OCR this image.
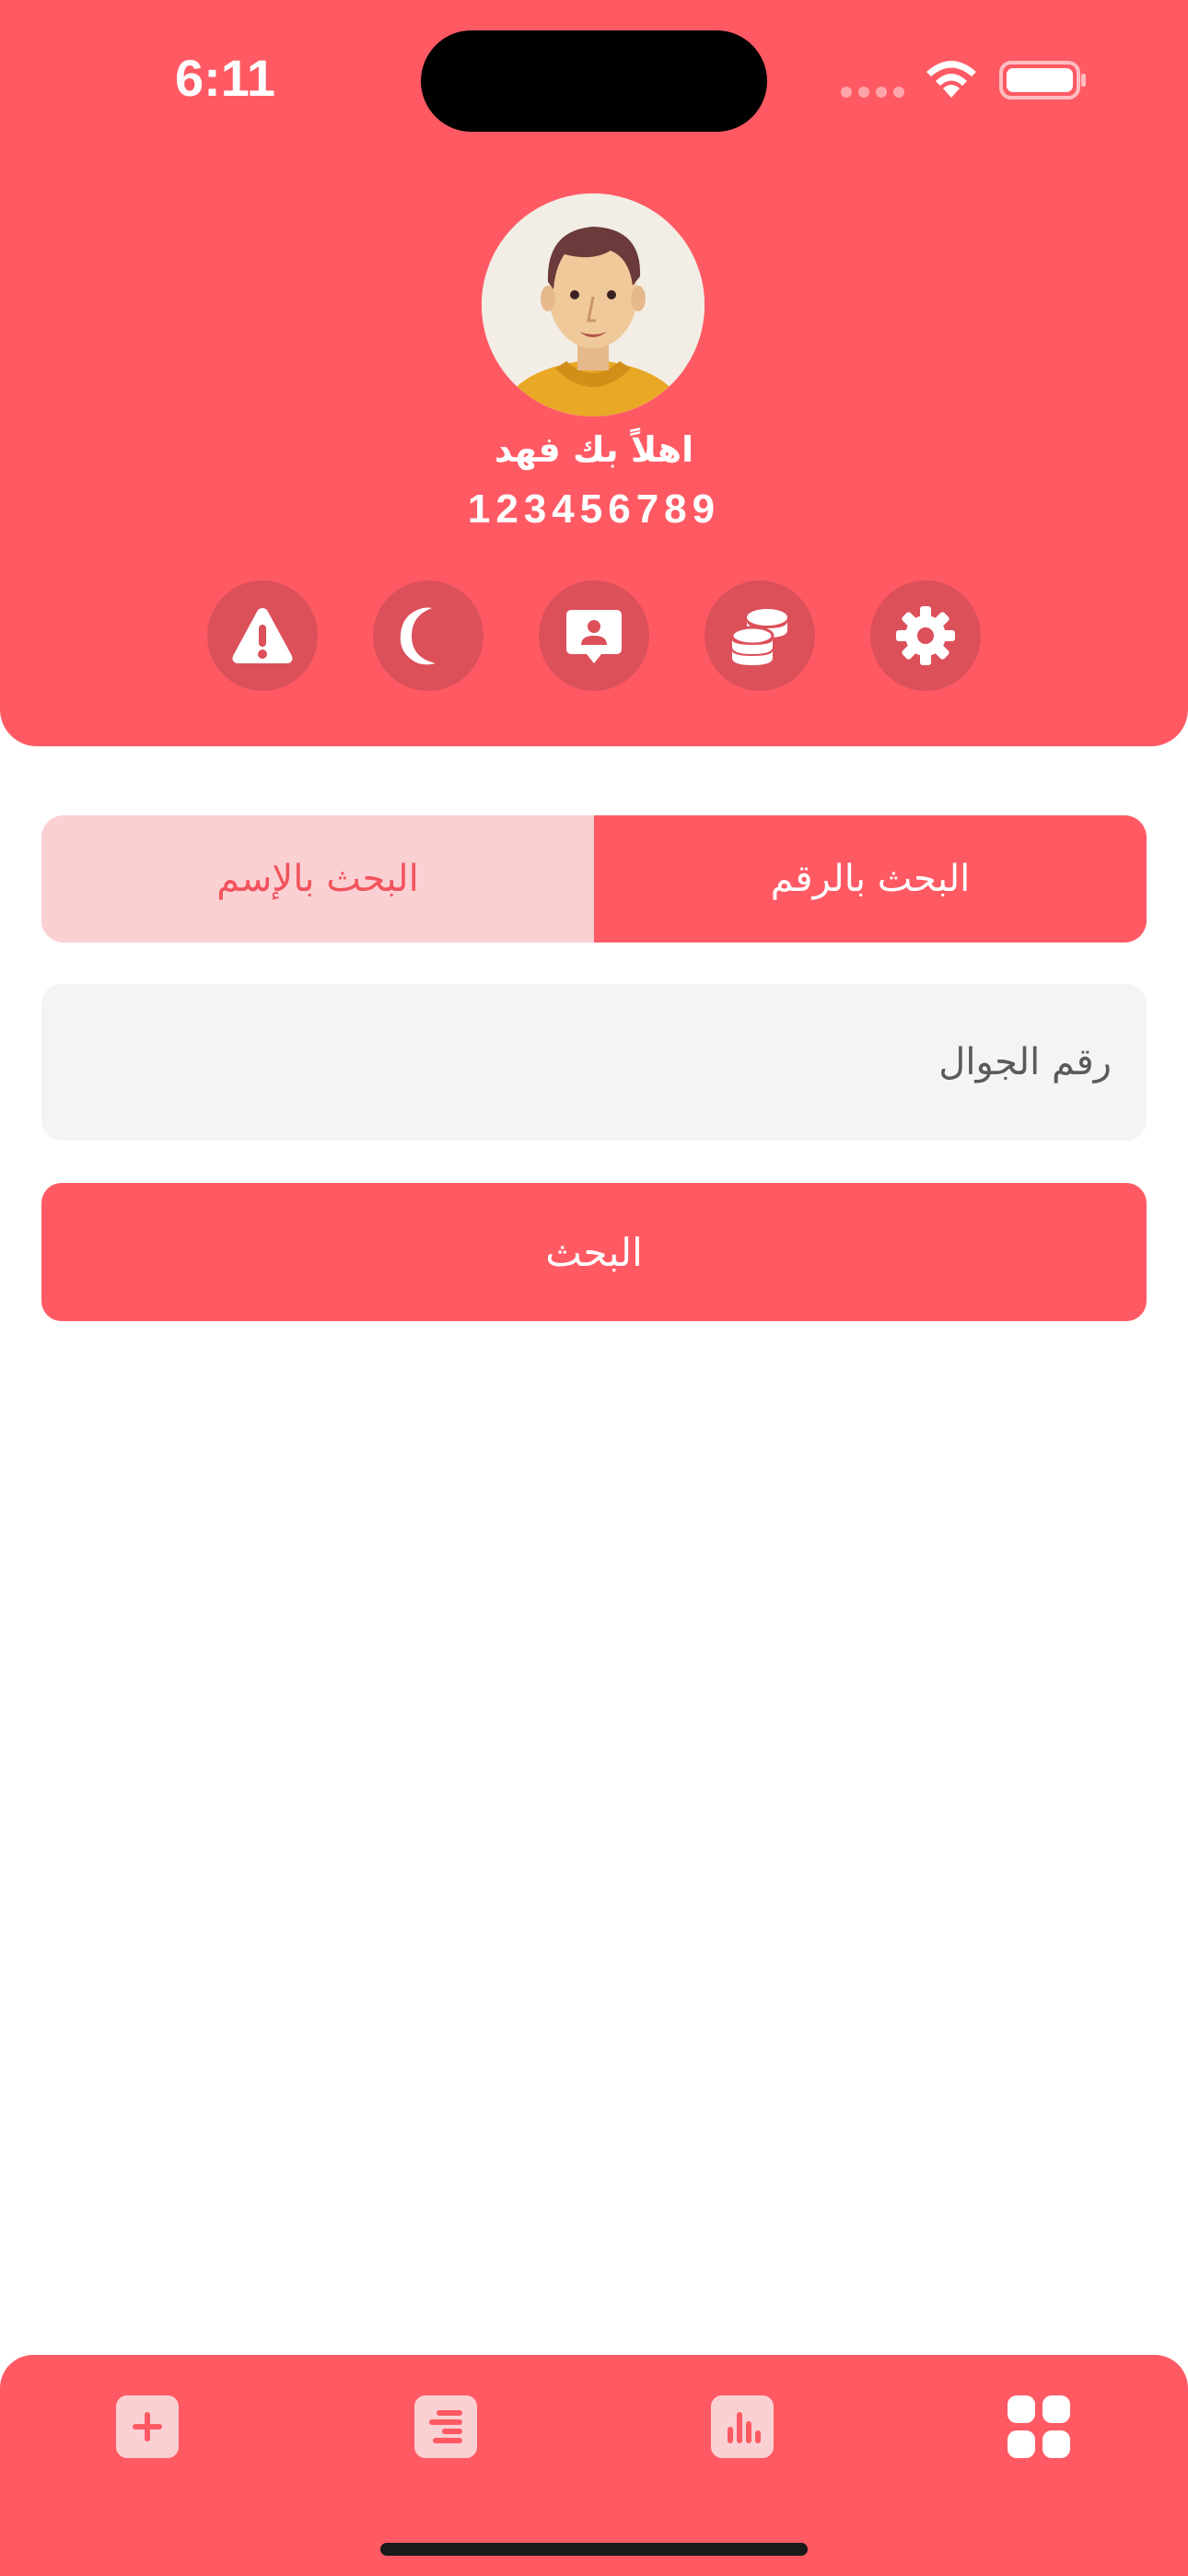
6:11
اهلاً بك فهد
123456789
البحث بالإسم	البحث بالرقم
رقم الجوال
البحث
